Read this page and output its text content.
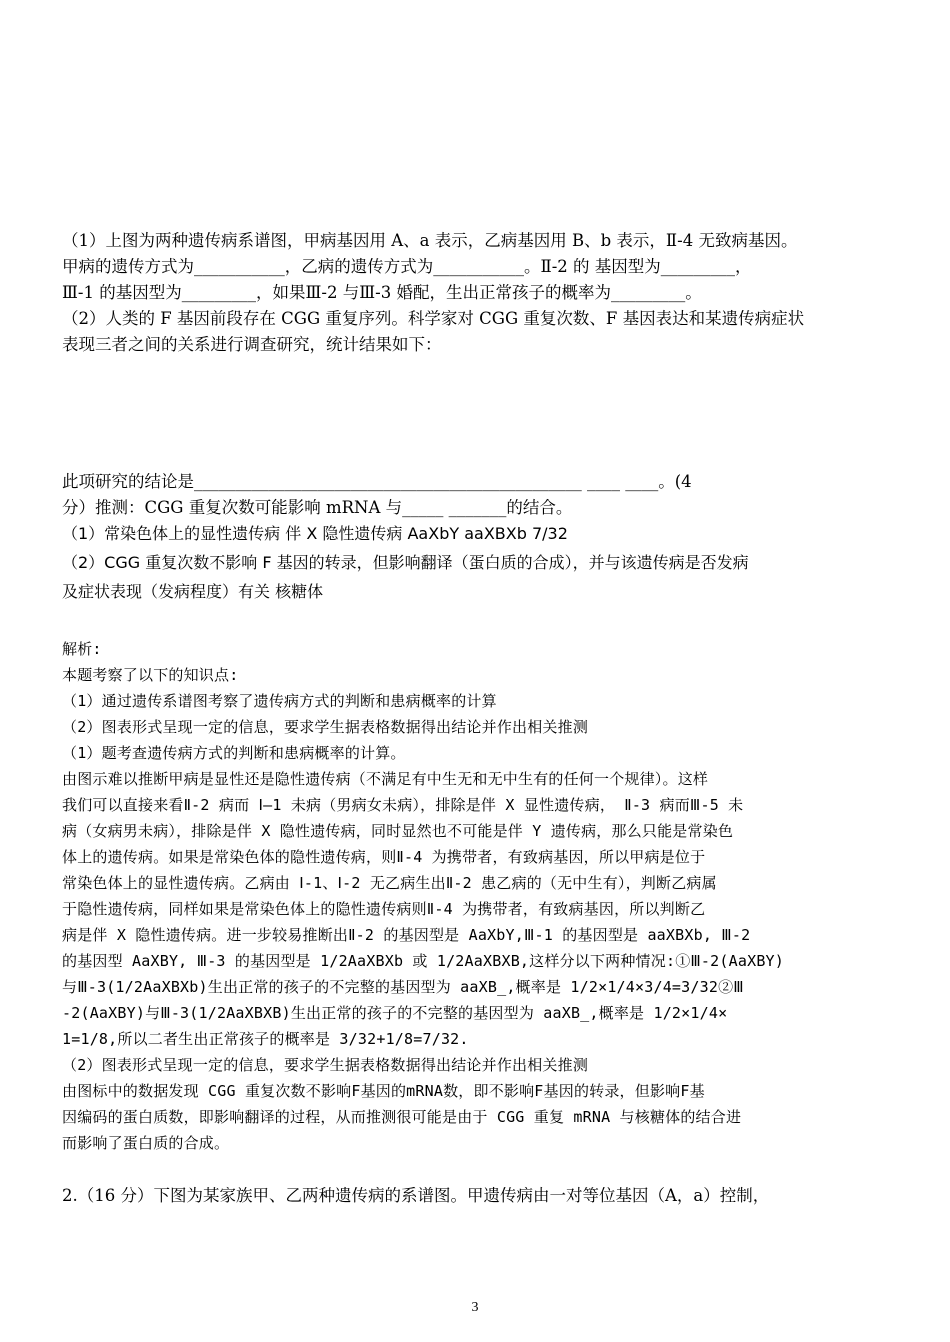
（1）上图为两种遗传病系谱图，甲病基因用 A、a 表示，乙病基因用 B、b 表示，Ⅱ-4 无致病基因。
甲病的遗传方式为___________，乙病的遗传方式为___________。Ⅱ-2 的 基因型为_________，
Ⅲ-1 的基因型为_________，如果Ⅲ-2 与Ⅲ-3 婚配，生出正常孩子的概率为_________。
（2）人类的 F 基因前段存在 CGG 重复序列。科学家对 CGG 重复次数、F 基因表达和某遗传病症状
表现三者之间的关系进行调查研究，统计结果如下：
此项研究的结论是_______________________________________________ ____ ____。(4
分）推测：CGG 重复次数可能影响 mRNA 与_____ _______的结合。
（1）常染色体上的显性遗传病 伴 X 隐性遗传病 AaXbY aaXBXb 7/32
（2）CGG 重复次数不影响 F 基因的转录，但影响翻译（蛋白质的合成），并与该遗传病是否发病
及症状表现（发病程度）有关 核糖体
解析:
本题考察了以下的知识点:
（1）通过遗传系谱图考察了遗传病方式的判断和患病概率的计算
（2）图表形式呈现一定的信息，要求学生据表格数据得出结论并作出相关推测
（1）题考查遗传病方式的判断和患病概率的计算。
由图示难以推断甲病是显性还是隐性遗传病（不满足有中生无和无中生有的任何一个规律）。这样
我们可以直接来看Ⅱ-2 病而 Ⅰ—1 未病（男病女未病），排除是伴 X 显性遗传病， Ⅱ-3 病而Ⅲ-5 未
病（女病男未病），排除是伴 X 隐性遗传病，同时显然也不可能是伴 Y 遗传病，那么只能是常染色
体上的遗传病。如果是常染色体的隐性遗传病，则Ⅱ-4 为携带者，有致病基因，所以甲病是位于
常染色体上的显性遗传病。乙病由 Ⅰ-1、Ⅰ-2 无乙病生出Ⅱ-2 患乙病的（无中生有），判断乙病属
于隐性遗传病，同样如果是常染色体上的隐性遗传病则Ⅱ-4 为携带者，有致病基因，所以判断乙
病是伴 X 隐性遗传病。进一步较易推断出Ⅱ-2 的基因型是 AaXbY,Ⅲ-1 的基因型是 aaXBXb, Ⅲ-2
的基因型 AaXBY, Ⅲ-3 的基因型是 1/2AaXBXb 或 1/2AaXBXB,这样分以下两种情况:①Ⅲ-2(AaXBY)
与Ⅲ-3(1/2AaXBXb)生出正常的孩子的不完整的基因型为 aaXB_,概率是 1/2×1/4×3/4=3/32②Ⅲ
-2(AaXBY)与Ⅲ-3(1/2AaXBXB)生出正常的孩子的不完整的基因型为 aaXB_,概率是 1/2×1/4×
1=1/8,所以二者生出正常孩子的概率是 3/32+1/8=7/32.
（2）图表形式呈现一定的信息，要求学生据表格数据得出结论并作出相关推测
由图标中的数据发现 CGG 重复次数不影响F基因的mRNA数，即不影响F基因的转录，但影响F基
因编码的蛋白质数，即影响翻译的过程，从而推测很可能是由于 CGG 重复 mRNA 与核糖体的结合进
而影响了蛋白质的合成。
2.（16 分）下图为某家族甲、乙两种遗传病的系谱图。甲遗传病由一对等位基因（A，a）控制，
3
